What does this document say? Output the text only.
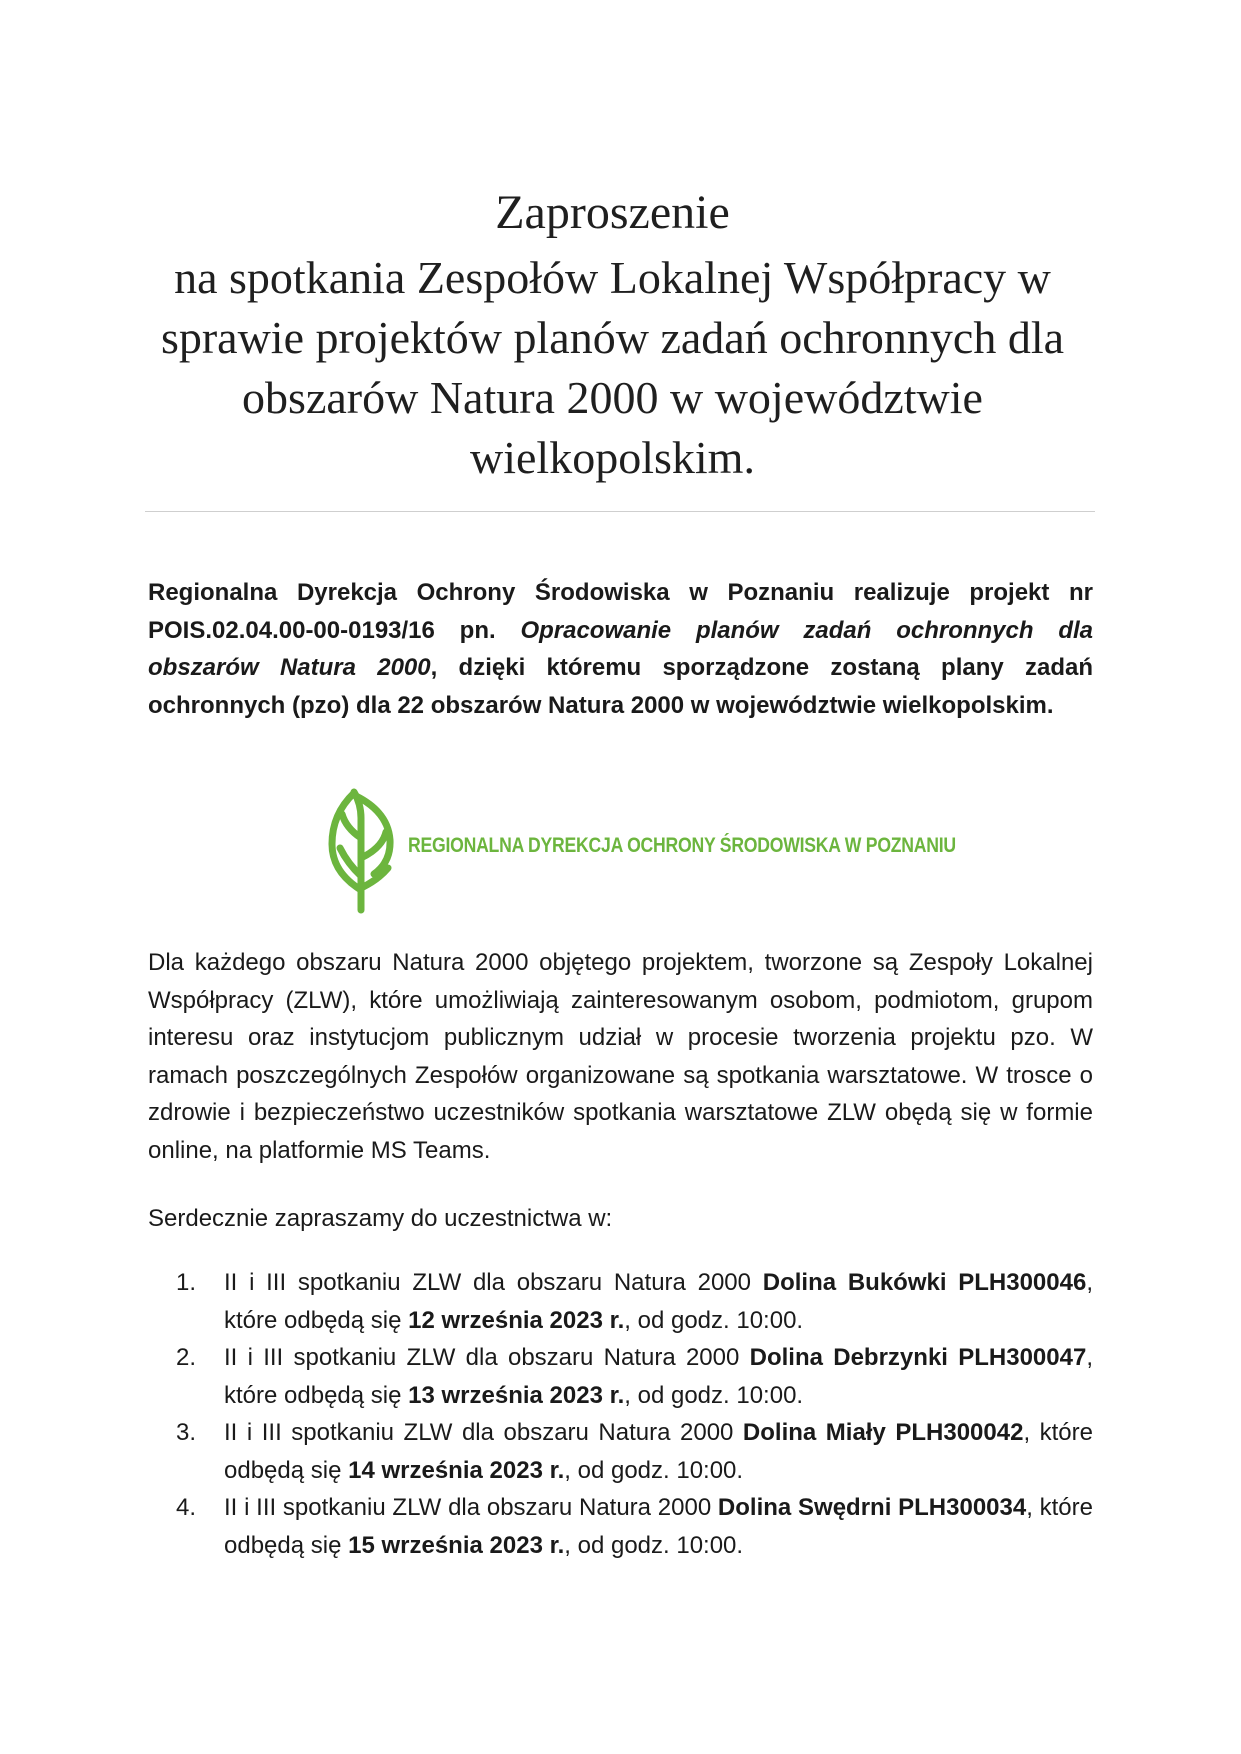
Zaproszenie
na spotkania Zespołów Lokalnej Współpracy w
sprawie projektów planów zadań ochronnych dla
obszarów Natura 2000 w województwie
wielkopolskim.
Regionalna Dyrekcja Ochrony Środowiska w Poznaniu realizuje projekt nr POIS.02.04.00-00-0193/16 pn. Opracowanie planów zadań ochronnych dla obszarów Natura 2000, dzięki któremu sporządzone zostaną plany zadań ochronnych (pzo) dla 22 obszarów Natura 2000 w województwie wielkopolskim.
REGIONALNA DYREKCJA OCHRONY ŚRODOWISKA W POZNANIU
Dla każdego obszaru Natura 2000 objętego projektem, tworzone są Zespoły Lokalnej Współpracy (ZLW), które umożliwiają zainteresowanym osobom, podmiotom, grupom interesu oraz instytucjom publicznym udział w procesie tworzenia projektu pzo. W ramach poszczególnych Zespołów organizowane są spotkania warsztatowe. W trosce o zdrowie i bezpieczeństwo uczestników spotkania warsztatowe ZLW obędą się w formie online, na platformie MS Teams.
Serdecznie zapraszamy do uczestnictwa w:
1. II i III spotkaniu ZLW dla obszaru Natura 2000 Dolina Bukówki PLH300046, które odbędą się 12 września 2023 r., od godz. 10:00.
2. II i III spotkaniu ZLW dla obszaru Natura 2000 Dolina Debrzynki PLH300047, które odbędą się 13 września 2023 r., od godz. 10:00.
3. II i III spotkaniu ZLW dla obszaru Natura 2000 Dolina Miały PLH300042, które odbędą się 14 września 2023 r., od godz. 10:00.
4. II i III spotkaniu ZLW dla obszaru Natura 2000 Dolina Swędrni PLH300034, które odbędą się 15 września 2023 r., od godz. 10:00.
